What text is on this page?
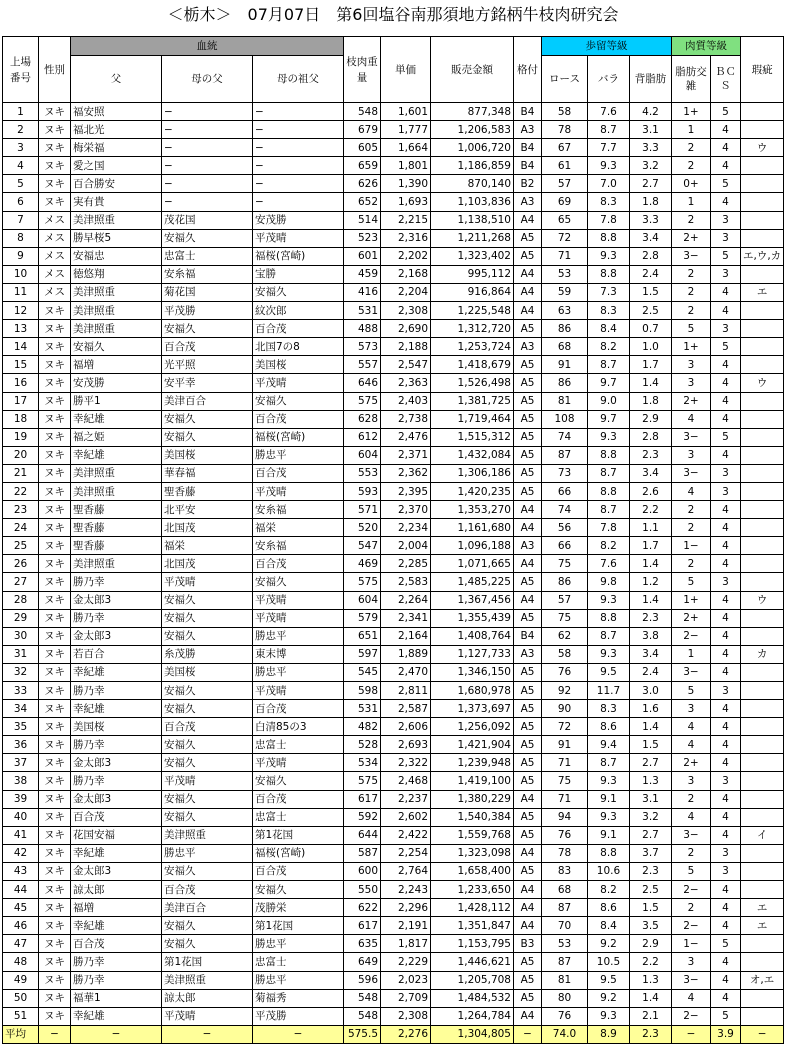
＜栃木＞　07月07日　第6回塩谷南那須地方銘柄牛枝肉研究会
上場番号	性別	血統			枝肉重量	単価	販売金額	格付	歩留等級			肉質等級		瑕疵
		父	母の父	母の祖父					ロース	バラ	背脂肪	脂肪交雑	ＢＣＳ	
1	ヌキ	福安照	−	−	548	1,601	877,348	B4	58	7.6	4.2	1+	5	
2	ヌキ	福北光	−	−	679	1,777	1,206,583	A3	78	8.7	3.1	1	4	
3	ヌキ	梅栄福	−	−	605	1,664	1,006,720	B4	67	7.7	3.3	2	4	ウ
4	ヌキ	愛之国	−	−	659	1,801	1,186,859	B4	61	9.3	3.2	2	4	
5	ヌキ	百合勝安	−	−	626	1,390	870,140	B2	57	7.0	2.7	0+	5	
6	ヌキ	実有貴	−	−	652	1,693	1,103,836	A3	69	8.3	1.8	1	4	
7	メス	美津照重	茂花国	安茂勝	514	2,215	1,138,510	A4	65	7.8	3.3	2	3	
8	メス	勝早桜5	安福久	平茂晴	523	2,316	1,211,268	A5	72	8.8	3.4	2+	3	
9	メス	安福忠	忠富士	福桜(宮崎)	601	2,202	1,323,402	A5	71	9.3	2.8	3−	5	エ,ウ,カ
10	メス	徳悠翔	安糸福	宝勝	459	2,168	995,112	A4	53	8.8	2.4	2	3	
11	メス	美津照重	菊花国	安福久	416	2,204	916,864	A4	59	7.3	1.5	2	4	エ
12	ヌキ	美津照重	平茂勝	紋次郎	531	2,308	1,225,548	A4	63	8.3	2.5	2	4	
13	ヌキ	美津照重	安福久	百合茂	488	2,690	1,312,720	A5	86	8.4	0.7	5	3	
14	ヌキ	安福久	百合茂	北国7の8	573	2,188	1,253,724	A3	68	8.2	1.0	1+	5	
15	ヌキ	福増	光平照	美国桜	557	2,547	1,418,679	A5	91	8.7	1.7	3	4	
16	ヌキ	安茂勝	安平幸	平茂晴	646	2,363	1,526,498	A5	86	9.7	1.4	3	4	ウ
17	ヌキ	勝平1	美津百合	安福久	575	2,403	1,381,725	A5	81	9.0	1.8	2+	4	
18	ヌキ	幸紀雄	安福久	百合茂	628	2,738	1,719,464	A5	108	9.7	2.9	4	4	
19	ヌキ	福之姫	安福久	福桜(宮崎)	612	2,476	1,515,312	A5	74	9.3	2.8	3−	5	
20	ヌキ	幸紀雄	美国桜	勝忠平	604	2,371	1,432,084	A5	87	8.8	2.3	3	4	
21	ヌキ	美津照重	華春福	百合茂	553	2,362	1,306,186	A5	73	8.7	3.4	3−	3	
22	ヌキ	美津照重	聖香藤	平茂晴	593	2,395	1,420,235	A5	66	8.8	2.6	4	3	
23	ヌキ	聖香藤	北平安	安糸福	571	2,370	1,353,270	A4	74	8.7	2.2	2	4	
24	ヌキ	聖香藤	北国茂	福栄	520	2,234	1,161,680	A4	56	7.8	1.1	2	4	
25	ヌキ	聖香藤	福栄	安糸福	547	2,004	1,096,188	A3	66	8.2	1.7	1−	4	
26	ヌキ	美津照重	北国茂	百合茂	469	2,285	1,071,665	A4	75	7.6	1.4	2	4	
27	ヌキ	勝乃幸	平茂晴	安福久	575	2,583	1,485,225	A5	86	9.8	1.2	5	3	
28	ヌキ	金太郎3	安福久	平茂晴	604	2,264	1,367,456	A4	57	9.3	1.4	1+	4	ウ
29	ヌキ	勝乃幸	安福久	平茂晴	579	2,341	1,355,439	A5	75	8.8	2.3	2+	4	
30	ヌキ	金太郎3	安福久	勝忠平	651	2,164	1,408,764	B4	62	8.7	3.8	2−	4	
31	ヌキ	若百合	糸茂勝	東末博	597	1,889	1,127,733	A3	58	9.3	3.4	1	4	カ
32	ヌキ	幸紀雄	美国桜	勝忠平	545	2,470	1,346,150	A5	76	9.5	2.4	3−	4	
33	ヌキ	勝乃幸	安福久	平茂晴	598	2,811	1,680,978	A5	92	11.7	3.0	5	3	
34	ヌキ	幸紀雄	安福久	百合茂	531	2,587	1,373,697	A5	90	8.3	1.6	3	4	
35	ヌキ	美国桜	百合茂	白清85の3	482	2,606	1,256,092	A5	72	8.6	1.4	4	4	
36	ヌキ	勝乃幸	安福久	忠富士	528	2,693	1,421,904	A5	91	9.4	1.5	4	4	
37	ヌキ	金太郎3	安福久	平茂晴	534	2,322	1,239,948	A5	71	8.7	2.7	2+	4	
38	ヌキ	勝乃幸	平茂晴	安福久	575	2,468	1,419,100	A5	75	9.3	1.3	3	3	
39	ヌキ	金太郎3	安福久	百合茂	617	2,237	1,380,229	A4	71	9.1	3.1	2	4	
40	ヌキ	百合茂	安福久	忠富士	592	2,602	1,540,384	A5	94	9.3	3.2	4	4	
41	ヌキ	花国安福	美津照重	第1花国	644	2,422	1,559,768	A5	76	9.1	2.7	3−	4	イ
42	ヌキ	幸紀雄	勝忠平	福桜(宮崎)	587	2,254	1,323,098	A4	78	8.8	3.7	2	3	
43	ヌキ	金太郎3	安福久	百合茂	600	2,764	1,658,400	A5	83	10.6	2.3	5	3	
44	ヌキ	諒太郎	百合茂	安福久	550	2,243	1,233,650	A4	68	8.2	2.5	2−	4	
45	ヌキ	福増	美津百合	茂勝栄	622	2,296	1,428,112	A4	87	8.6	1.5	2	4	エ
46	ヌキ	幸紀雄	安福久	第1花国	617	2,191	1,351,847	A4	70	8.4	3.5	2−	4	エ
47	ヌキ	百合茂	安福久	勝忠平	635	1,817	1,153,795	B3	53	9.2	2.9	1−	5	
48	ヌキ	勝乃幸	第1花国	忠富士	649	2,229	1,446,621	A5	87	10.5	2.2	3	4	
49	ヌキ	勝乃幸	美津照重	勝忠平	596	2,023	1,205,708	A5	81	9.5	1.3	3−	4	オ,エ
50	ヌキ	福華1	諒太郎	菊福秀	548	2,709	1,484,532	A5	80	9.2	1.4	4	4	
51	ヌキ	幸紀雄	平茂晴	平茂勝	548	2,308	1,264,784	A4	76	9.3	2.1	2−	5	
平均	−	−	−	−	575.5	2,276	1,304,805	−	74.0	8.9	2.3	−	3.9	−
